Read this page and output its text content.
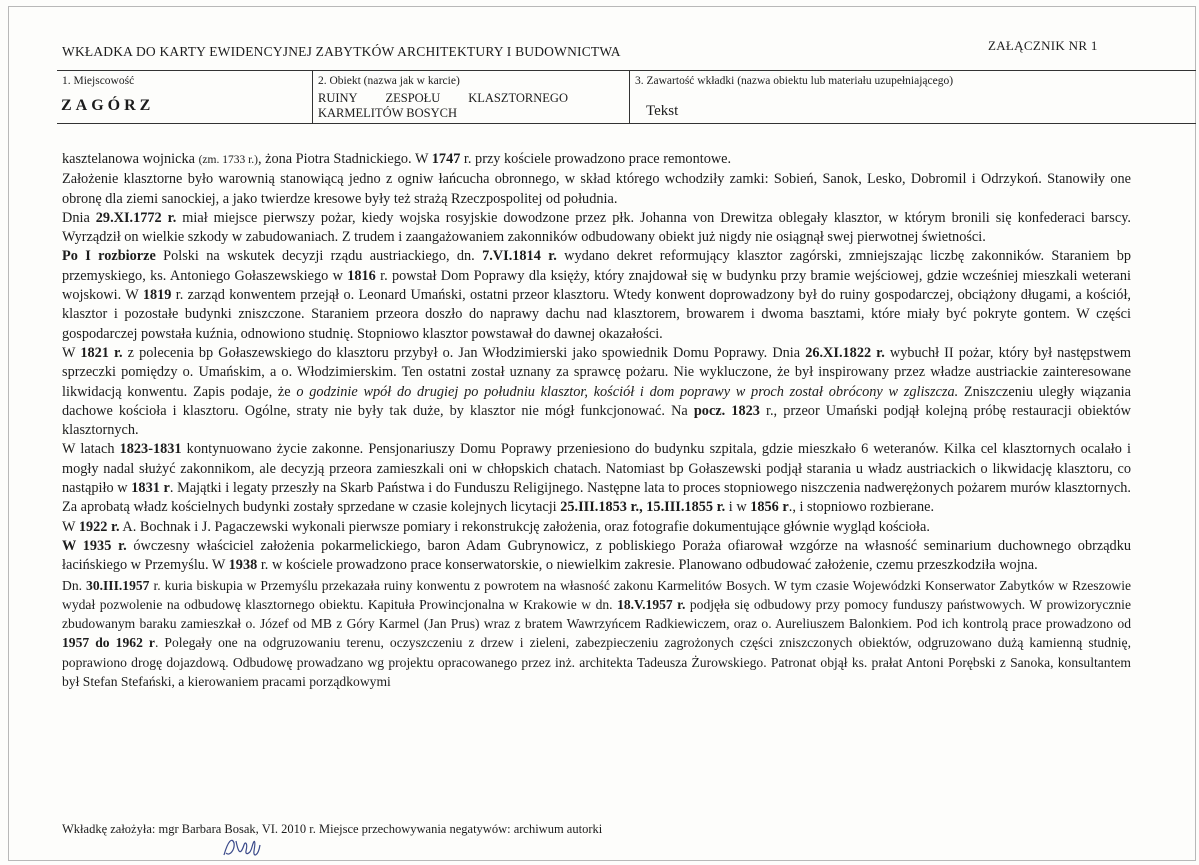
WKŁADKA DO KARTY EWIDENCYJNEJ ZABYTKÓW ARCHITEKTURY I BUDOWNICTWA	ZAŁĄCZNIK NR 1
1. Miejscowość
ZAGÓRZ
2. Obiekt (nazwa jak w karcie)
RUINY ZESPOŁU KLASZTORNEGO
KARMELITÓW BOSYCH
3. Zawartość wkładki (nazwa obiektu lub materiału uzupełniającego)
Tekst

kasztelanowa wojnicka (zm. 1733 r.), żona Piotra Stadnickiego. W 1747 r. przy kościele prowadzono prace remontowe.

Założenie klasztorne było warownią stanowiącą jedno z ogniw łańcucha obronnego, w skład którego wchodziły zamki: Sobień, Sanok, Lesko, Dobromil i Odrzykoń. Stanowiły one obronę dla ziemi sanockiej, a jako twierdze kresowe były też strażą Rzeczpospolitej od południa.

Dnia 29.XI.1772 r. miał miejsce pierwszy pożar, kiedy wojska rosyjskie dowodzone przez płk. Johanna von Drewitza oblegały klasztor, w którym bronili się konfederaci barscy. Wyrządził on wielkie szkody w zabudowaniach. Z trudem i zaangażowaniem zakonników odbudowany obiekt już nigdy nie osiągnął swej pierwotnej świetności.

Po I rozbiorze Polski na wskutek decyzji rządu austriackiego, dn. 7.VI.1814 r. wydano dekret reformujący klasztor zagórski, zmniejszając liczbę zakonników. Staraniem bp przemyskiego, ks. Antoniego Gołaszewskiego w 1816 r. powstał Dom Poprawy dla księży, który znajdował się w budynku przy bramie wejściowej, gdzie wcześniej mieszkali weterani wojskowi. W 1819 r. zarząd konwentem przejął o. Leonard Umański, ostatni przeor klasztoru. Wtedy konwent doprowadzony był do ruiny gospodarczej, obciążony długami, a kościół, klasztor i pozostałe budynki zniszczone. Staraniem przeora doszło do naprawy dachu nad klasztorem, browarem i dwoma basztami, które miały być pokryte gontem. W części gospodarczej powstała kuźnia, odnowiono studnię. Stopniowo klasztor powstawał do dawnej okazałości.

W 1821 r. z polecenia bp Gołaszewskiego do klasztoru przybył o. Jan Włodzimierski jako spowiednik Domu Poprawy. Dnia 26.XI.1822 r. wybuchł II pożar, który był następstwem sprzeczki pomiędzy o. Umańskim, a o. Włodzimierskim. Ten ostatni został uznany za sprawcę pożaru. Nie wykluczone, że był inspirowany przez władze austriackie zainteresowane likwidacją konwentu. Zapis podaje, że o godzinie wpół do drugiej po południu klasztor, kościół i dom poprawy w proch został obrócony w zgliszcza. Zniszczeniu uległy wiązania dachowe kościoła i klasztoru. Ogólne, straty nie były tak duże, by klasztor nie mógł funkcjonować. Na pocz. 1823 r., przeor Umański podjął kolejną próbę restauracji obiektów klasztornych.

W latach 1823-1831 kontynuowano życie zakonne. Pensjonariuszy Domu Poprawy przeniesiono do budynku szpitala, gdzie mieszkało 6 weteranów. Kilka cel klasztornych ocalało i mogły nadal służyć zakonnikom, ale decyzją przeora zamieszkali oni w chłopskich chatach. Natomiast bp Gołaszewski podjął starania u władz austriackich o likwidację klasztoru, co nastąpiło w 1831 r. Majątki i legaty przeszły na Skarb Państwa i do Funduszu Religijnego. Następne lata to proces stopniowego niszczenia nadwerężonych pożarem murów klasztornych. Za aprobatą władz kościelnych budynki zostały sprzedane w czasie kolejnych licytacji 25.III.1853 r., 15.III.1855 r. i w 1856 r., i stopniowo rozbierane.

W 1922 r. A. Bochnak i J. Pagaczewski wykonali pierwsze pomiary i rekonstrukcję założenia, oraz fotografie dokumentujące głównie wygląd kościoła.

W 1935 r. ówczesny właściciel założenia pokarmelickiego, baron Adam Gubrynowicz, z pobliskiego Poraża ofiarował wzgórze na własność seminarium duchownego obrządku łacińskiego w Przemyślu. W 1938 r. w kościele prowadzono prace konserwatorskie, o niewielkim zakresie. Planowano odbudować założenie, czemu przeszkodziła wojna.

Dn. 30.III.1957 r. kuria biskupia w Przemyślu przekazała ruiny konwentu z powrotem na własność zakonu Karmelitów Bosych. W tym czasie Wojewódzki Konserwator Zabytków w Rzeszowie wydał pozwolenie na odbudowę klasztornego obiektu. Kapituła Prowincjonalna w Krakowie w dn. 18.V.1957 r. podjęła się odbudowy przy pomocy funduszy państwowych. W prowizorycznie zbudowanym baraku zamieszkał o. Józef od MB z Góry Karmel (Jan Prus) wraz z bratem Wawrzyńcem Radkiewiczem, oraz o. Aureliuszem Balonkiem. Pod ich kontrolą prace prowadzono od 1957 do 1962 r. Polegały one na odgruzowaniu terenu, oczyszczeniu z drzew i zieleni, zabezpieczeniu zagrożonych części zniszczonych obiektów, odgruzowano dużą kamienną studnię, poprawiono drogę dojazdową. Odbudowę prowadzano wg projektu opracowanego przez inż. architekta Tadeusza Żurowskiego. Patronat objął ks. prałat Antoni Porębski z Sanoka, konsultantem był Stefan Stefański, a kierowaniem pracami porządkowymi

Wkładkę założyła: mgr Barbara Bosak, VI. 2010 r. Miejsce przechowywania negatywów: archiwum autorki
